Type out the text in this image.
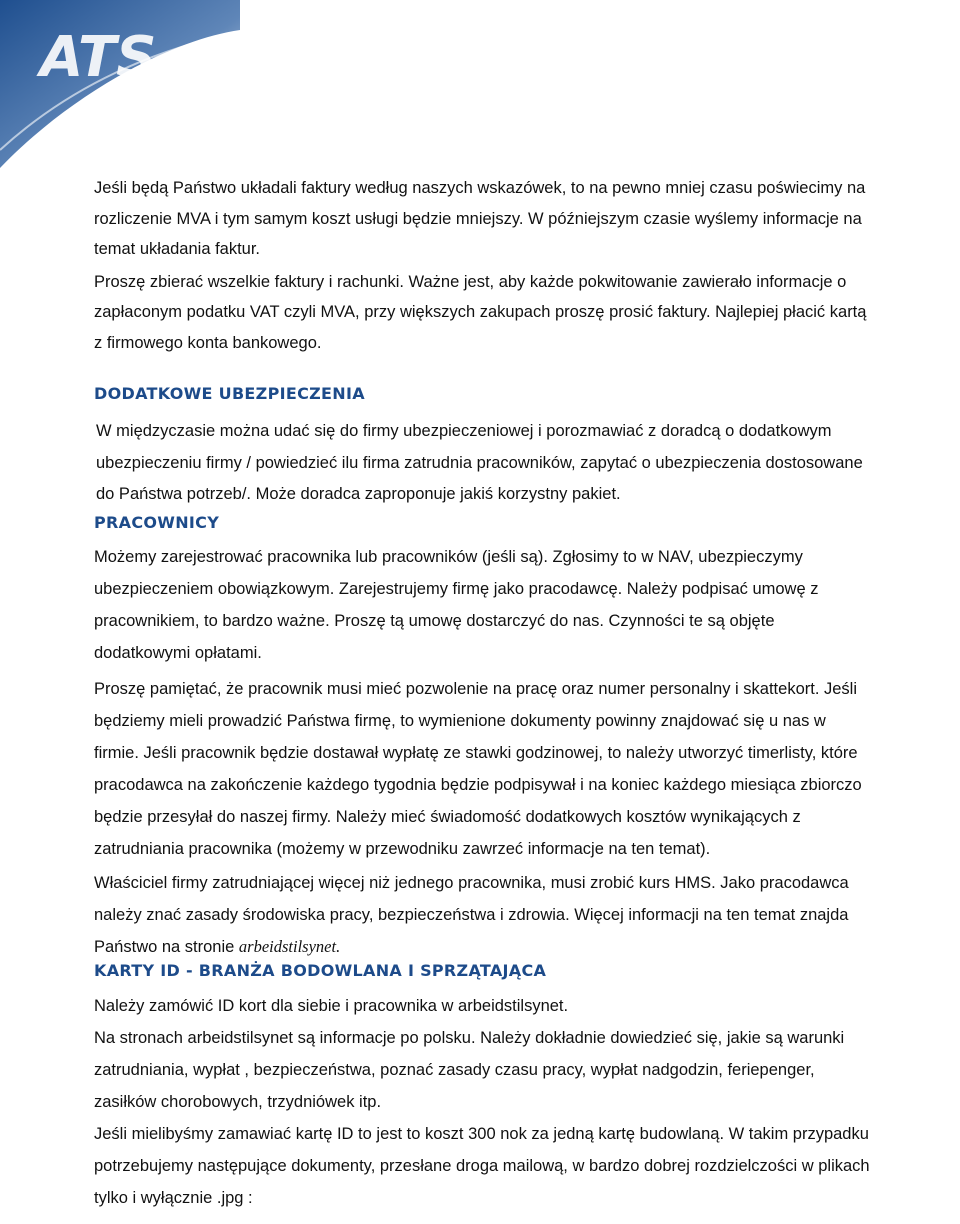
ATS

Jeśli będą Państwo układali faktury według naszych wskazówek, to na pewno mniej czasu poświecimy na rozliczenie MVA i tym samym koszt usługi będzie mniejszy. W późniejszym czasie wyślemy informacje na temat układania faktur.

Proszę zbierać wszelkie faktury i rachunki. Ważne jest, aby każde pokwitowanie zawierało informacje o zapłaconym podatku VAT czyli MVA, przy większych zakupach proszę prosić faktury. Najlepiej płacić kartą z firmowego konta bankowego.

DODATKOWE UBEZPIECZENIA

W międzyczasie można udać się do firmy ubezpieczeniowej i porozmawiać z doradcą o dodatkowym ubezpieczeniu firmy / powiedzieć ilu firma zatrudnia pracowników, zapytać o ubezpieczenia dostosowane do Państwa potrzeb/. Może doradca zaproponuje jakiś korzystny pakiet.

PRACOWNICY

Możemy zarejestrować pracownika lub pracowników (jeśli są). Zgłosimy to w NAV, ubezpieczymy ubezpieczeniem obowiązkowym. Zarejestrujemy firmę jako pracodawcę. Należy podpisać umowę z pracownikiem, to bardzo ważne. Proszę tą umowę dostarczyć do nas. Czynności te są objęte dodatkowymi opłatami.

Proszę pamiętać, że pracownik musi mieć pozwolenie na pracę oraz numer personalny i skattekort. Jeśli będziemy mieli prowadzić Państwa firmę, to wymienione dokumenty powinny znajdować się u nas w firmie. Jeśli pracownik będzie dostawał wypłatę ze stawki godzinowej, to należy utworzyć timerlisty, które pracodawca na zakończenie każdego tygodnia będzie podpisywał i na koniec każdego miesiąca zbiorczo będzie przesyłał do naszej firmy. Należy mieć świadomość dodatkowych kosztów wynikających z zatrudniania pracownika (możemy w przewodniku zawrzeć informacje na ten temat).

Właściciel firmy zatrudniającej więcej niż jednego pracownika, musi zrobić kurs HMS. Jako pracodawca należy znać zasady środowiska pracy, bezpieczeństwa i zdrowia. Więcej informacji na ten temat znajda Państwo na stronie arbeidstilsynet.

KARTY ID - BRANŻA BODOWLANA I SPRZĄTAJĄCA

Należy zamówić ID kort dla siebie i pracownika w arbeidstilsynet.

Na stronach arbeidstilsynet są informacje po polsku. Należy dokładnie dowiedzieć się, jakie są warunki zatrudniania, wypłat , bezpieczeństwa, poznać zasady czasu pracy, wypłat nadgodzin, feriepenger, zasiłków chorobowych, trzydniówek itp.

Jeśli mielibyśmy zamawiać kartę ID to jest to koszt 300 nok za jedną kartę budowlaną. W takim przypadku potrzebujemy następujące dokumenty, przesłane droga mailową, w bardzo dobrej rozdzielczości w plikach tylko i wyłącznie .jpg :
